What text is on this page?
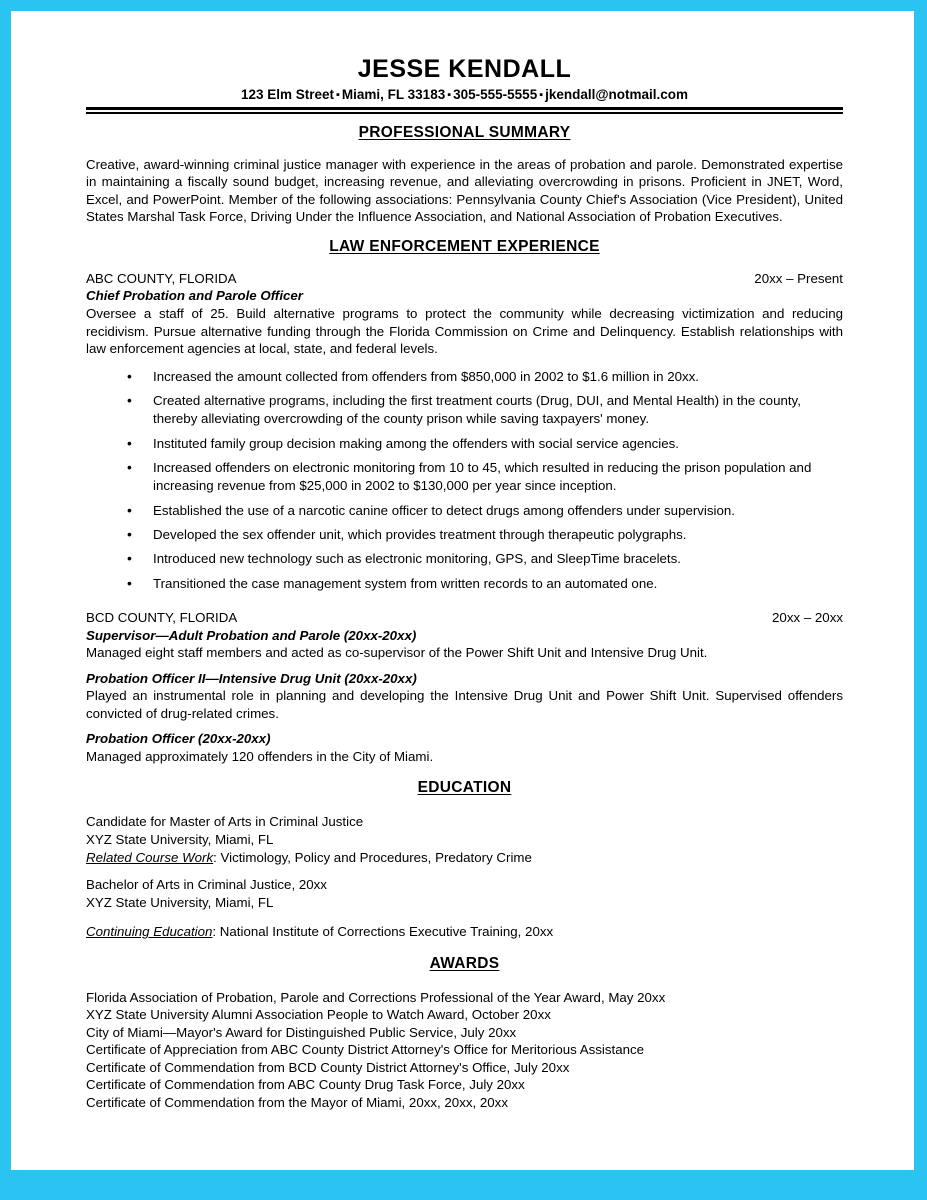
JESSE KENDALL
123 Elm Street ▪ Miami, FL 33183 ▪ 305-555-5555 ▪ jkendall@notmail.com
PROFESSIONAL SUMMARY

Creative, award-winning criminal justice manager with experience in the areas of probation and parole. Demonstrated expertise in maintaining a fiscally sound budget, increasing revenue, and alleviating overcrowding in prisons. Proficient in JNET, Word, Excel, and PowerPoint. Member of the following associations: Pennsylvania County Chief's Association (Vice President), United States Marshal Task Force, Driving Under the Influence Association, and National Association of Probation Executives.

LAW ENFORCEMENT EXPERIENCE
ABC COUNTY, FLORIDA	20xx – Present
Chief Probation and Parole Officer

Oversee a staff of 25. Build alternative programs to protect the community while decreasing victimization and reducing recidivism. Pursue alternative funding through the Florida Commission on Crime and Delinquency. Establish relationships with law enforcement agencies at local, state, and federal levels.

• Increased the amount collected from offenders from $850,000 in 2002 to $1.6 million in 20xx.
• Created alternative programs, including the first treatment courts (Drug, DUI, and Mental Health) in the county, thereby alleviating overcrowding of the county prison while saving taxpayers' money.
• Instituted family group decision making among the offenders with social service agencies.
• Increased offenders on electronic monitoring from 10 to 45, which resulted in reducing the prison population and increasing revenue from $25,000 in 2002 to $130,000 per year since inception.
• Established the use of a narcotic canine officer to detect drugs among offenders under supervision.
• Developed the sex offender unit, which provides treatment through therapeutic polygraphs.
• Introduced new technology such as electronic monitoring, GPS, and SleepTime bracelets.
• Transitioned the case management system from written records to an automated one.
BCD COUNTY, FLORIDA	20xx – 20xx
Supervisor—Adult Probation and Parole (20xx-20xx)

Managed eight staff members and acted as co-supervisor of the Power Shift Unit and Intensive Drug Unit.

Probation Officer II—Intensive Drug Unit (20xx-20xx)

Played an instrumental role in planning and developing the Intensive Drug Unit and Power Shift Unit. Supervised offenders convicted of drug-related crimes.

Probation Officer (20xx-20xx)

Managed approximately 120 offenders in the City of Miami.

EDUCATION
Candidate for Master of Arts in Criminal Justice
XYZ State University, Miami, FL
Related Course Work: Victimology, Policy and Procedures, Predatory Crime
Bachelor of Arts in Criminal Justice, 20xx
XYZ State University, Miami, FL
Continuing Education: National Institute of Corrections Executive Training, 20xx
AWARDS
Florida Association of Probation, Parole and Corrections Professional of the Year Award, May 20xx
XYZ State University Alumni Association People to Watch Award, October 20xx
City of Miami—Mayor's Award for Distinguished Public Service, July 20xx
Certificate of Appreciation from ABC County District Attorney's Office for Meritorious Assistance
Certificate of Commendation from BCD County District Attorney's Office, July 20xx
Certificate of Commendation from ABC County Drug Task Force, July 20xx
Certificate of Commendation from the Mayor of Miami, 20xx, 20xx, 20xx
